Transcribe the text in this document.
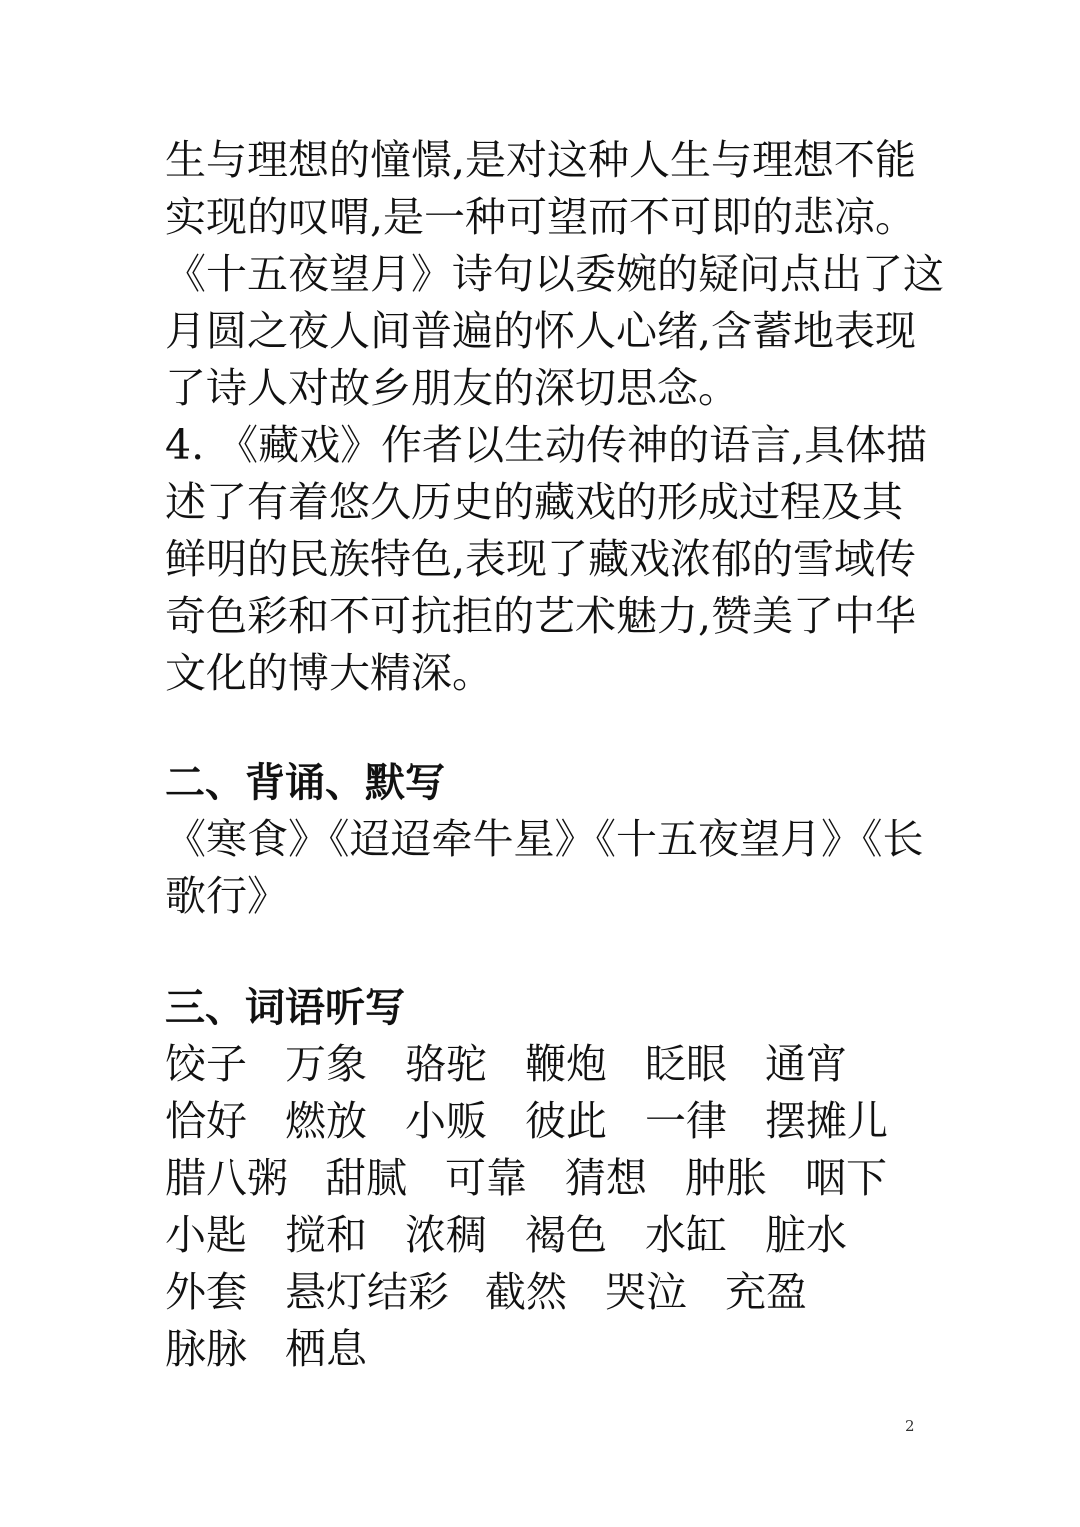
生与理想的憧憬,是对这种人生与理想不能
实现的叹喟,是一种可望而不可即的悲凉。
《十五夜望月》诗句以委婉的疑问点出了这
月圆之夜人间普遍的怀人心绪,含蓄地表现
了诗人对故乡朋友的深切思念。
4. 《藏戏》作者以生动传神的语言,具体描
述了有着悠久历史的藏戏的形成过程及其
鲜明的民族特色,表现了藏戏浓郁的雪域传
奇色彩和不可抗拒的艺术魅力,赞美了中华
文化的博大精深。
二、背诵、默写
《寒食》《迢迢牵牛星》《十五夜望月》《长
歌行》
三、词语听写
饺子 万象 骆驼 鞭炮 眨眼 通宵
恰好 燃放 小贩 彼此 一律 摆摊儿
腊八粥 甜腻 可靠 猜想 肿胀 咽下
小匙 搅和 浓稠 褐色 水缸 脏水
外套 悬灯结彩 截然 哭泣 充盈
脉脉 栖息
2
